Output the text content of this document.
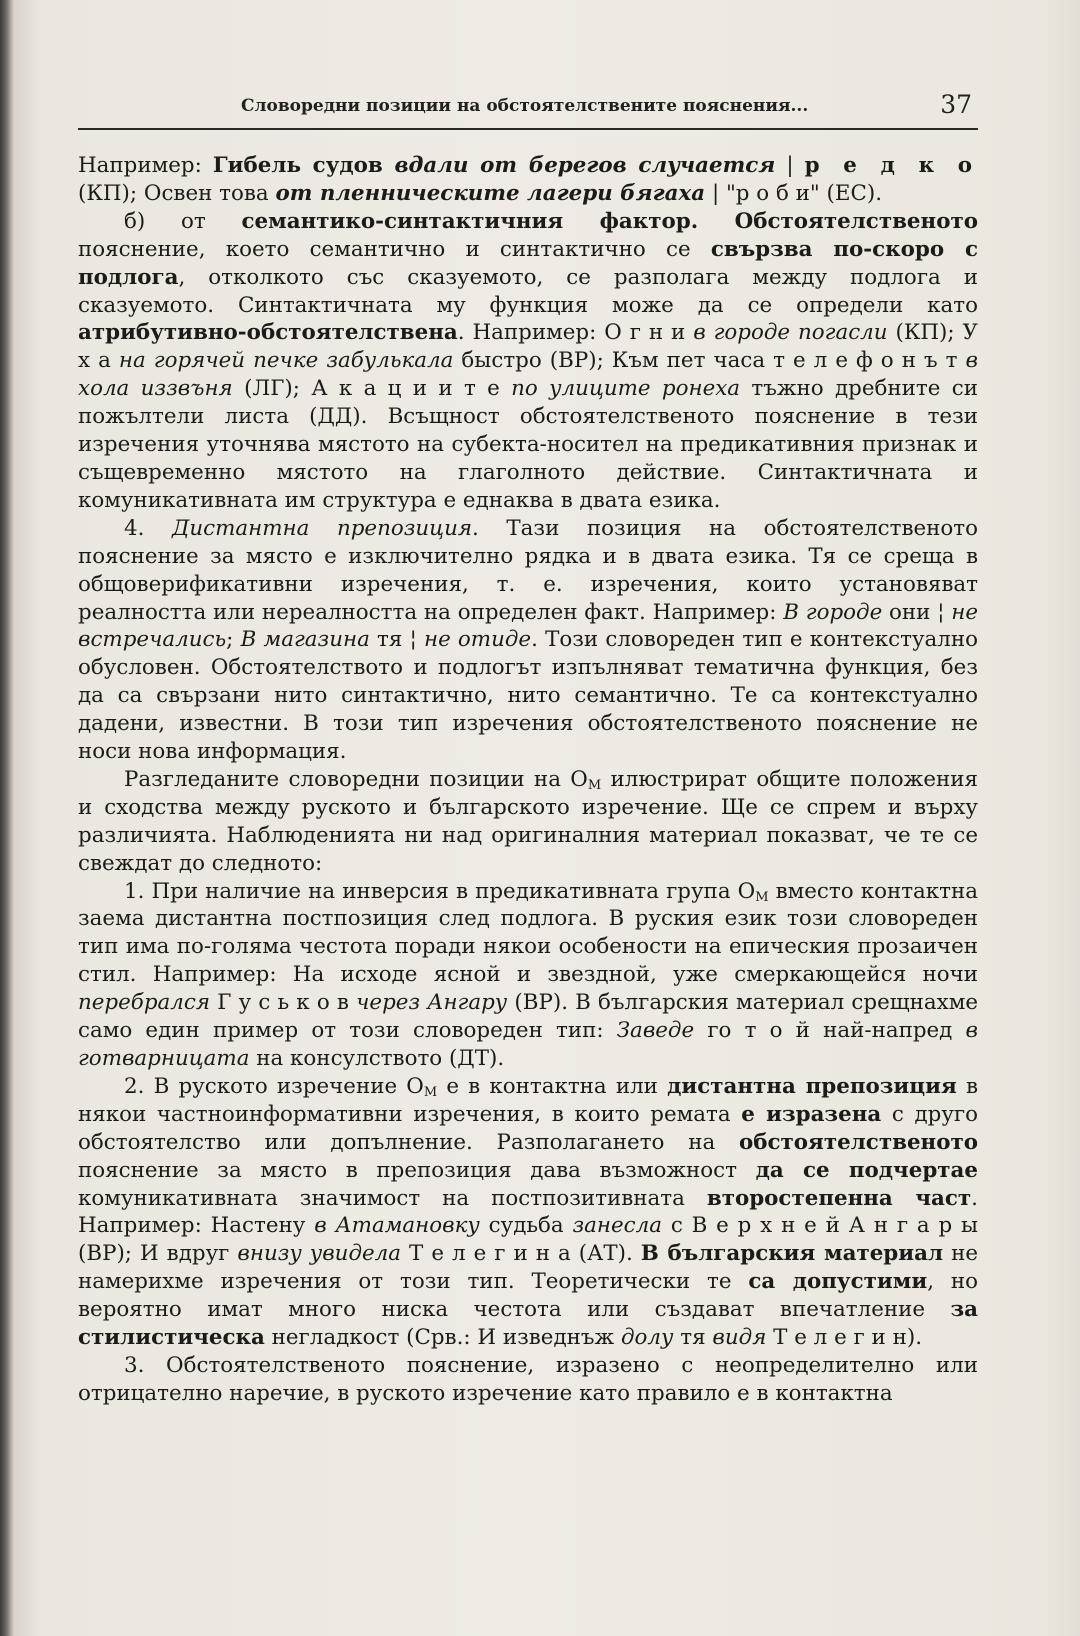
Словоредни позиции на обстоятелствените пояснения...	37

Например: Гибель судов вдали от берегов случается | р е д к о (КП); Освен това от пленническите лагери бягаха | "р о б и" (ЕС).

б) от семантико-синтактичния фактор. Обстоятелственото пояснение, което семантично и синтактично се свързва по-скоро с подлога, отколкото със сказуемото, се разполага между подлога и сказуемото. Синтактичната му функция може да се определи като атрибутивно-обстоятелствена. Например: О г н и в городе погасли (КП); У х а на горячей печке забулькала быстро (ВР); Към пет часа т е л е ф о н ъ т в хола иззвъня (ЛГ); А к а ц и и т е по улиците ронеха тъжно дребните си пожълтели листа (ДД). Всъщност обстоятелственото пояснение в тези изречения уточнява мястото на субекта-носител на предикативния признак и същевременно мястото на глаголното действие. Синтактичната и комуникативната им структура е еднаква в двата езика.

4. Дистантна препозиция. Тази позиция на обстоятелственото пояснение за място е изключително рядка и в двата езика. Тя се среща в общоверификативни изречения, т. е. изречения, които установяват реалността или нереалността на определен факт. Например: В городе они ¦ не встречались; В магазина тя ¦ не отиде. Този словореден тип е контекстуално обусловен. Обстоятелството и подлогът изпълняват тематична функция, без да са свързани нито синтактично, нито семантично. Те са контекстуално дадени, известни. В този тип изречения обстоятелственото пояснение не носи нова информация.

Разгледаните словоредни позиции на $О_М$ илюстрират общите положения и сходства между руското и българското изречение. Ще се спрем и върху различията. Наблюденията ни над оригиналния материал показват, че те се свеждат до следното:

1. При наличие на инверсия в предикативната група $О_М$ вместо контактна заема дистантна постпозиция след подлога. В руския език този словореден тип има по-голяма честота поради някои особености на епическия прозаичен стил. Например: На исходе ясной и звездной, уже смеркающейся ночи перебрался Г у с ь к о в через Ангару (ВР). В българския материал срещнахме само един пример от този словореден тип: Заведе го т о й най-напред в готварницата на консулството (ДТ).

2. В руското изречение $О_М$ е в контактна или дистантна препозиция в някои частноинформативни изречения, в които ремата е изразена с друго обстоятелство или допълнение. Разполагането на обстоятелственото пояснение за място в препозиция дава възможност да се подчертае комуникативната значимост на постпозитивната второстепенна част. Например: Настену в Атамановку судьба занесла с В е р х н е й А н г а р ы (ВР); И вдруг внизу увидела Т е л е г и н а (АТ). В българския материал не намерихме изречения от този тип. Теоретически те са допустими, но вероятно имат много ниска честота или създават впечатление за стилистическа негладкост (Срв.: И изведнъж долу тя видя Т е л е г и н).

3. Обстоятелственото пояснение, изразено с неопределително или отрицателно наречие, в руското изречение като правило е в контактна
